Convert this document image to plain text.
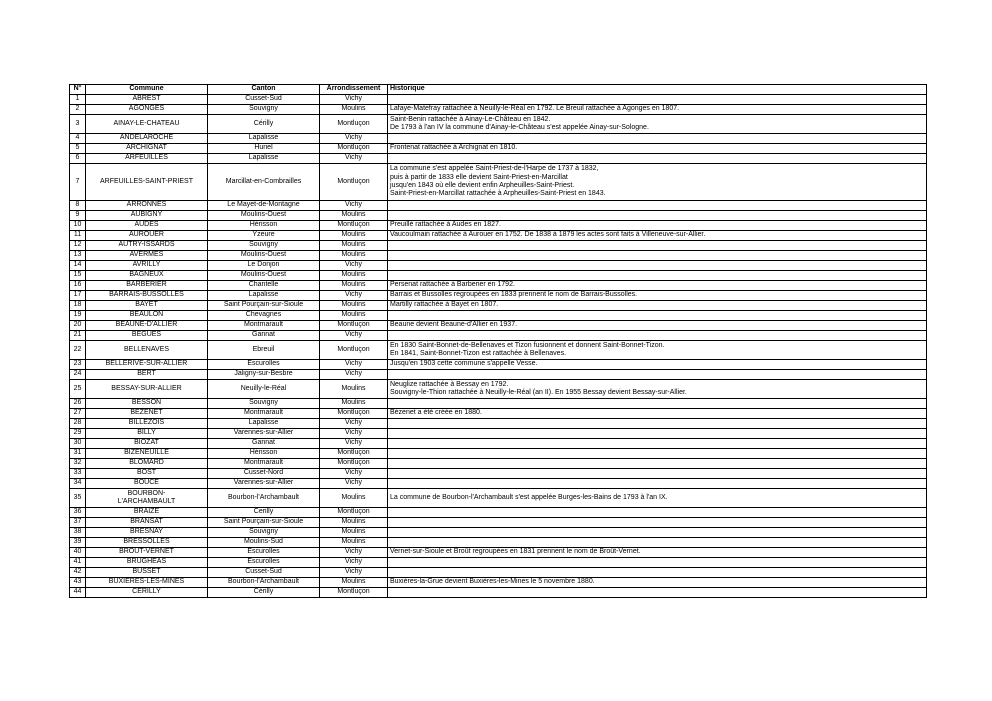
N°	Commune	Canton	Arrondissement	Historique
1	ABREST	Cusset-Sud	Vichy	
2	AGONGES	Souvigny	Moulins	Lafaye-Matefray rattachée à Neuilly-le-Réal en 1792. Le Breuil rattachée à Agonges en 1807.

3	AINAY-LE-CHATEAU	Cérilly	Montluçon	Saint-Benin rattachée à Ainay-Le-Château en 1842.
De 1793 à l'an IV la commune d'Ainay-le-Château s'est appelée Ainay-sur-Sologne.

4	ANDELAROCHE	Lapalisse	Vichy	
5	ARCHIGNAT	Huriel	Montluçon	Frontenat rattachée à Archignat en 1810.

6	ARFEUILLES	Lapalisse	Vichy	
7	ARFEUILLES-SAINT-PRIEST	Marcillat-en-Combrailles	Montluçon	La commune s'est appelée Saint-Priest-de-l'Harpe de 1737 à 1832,
puis à partir de 1833 elle devient Saint-Priest-en-Marcillat
jusqu'en 1843 où elle devient enfin Arpheuilles-Saint-Priest.
Saint-Priest-en-Marcillat rattachée à Arpheuilles-Saint-Priest en 1843.

8	ARRONNES	Le Mayet-de-Montagne	Vichy	
9	AUBIGNY	Moulins-Ouest	Moulins	
10	AUDES	Hérisson	Montluçon	Preuillé rattachée à Audes en 1827.

11	AUROUER	Yzeure	Moulins	Vaucoulmain rattachée à Aurouer en 1752. De 1838 à 1879 les actes sont faits à Villeneuve-sur-Allier.

12	AUTRY-ISSARDS	Souvigny	Moulins	
13	AVERMES	Moulins-Ouest	Moulins	
14	AVRILLY	Le Donjon	Vichy	
15	BAGNEUX	Moulins-Ouest	Moulins	
16	BARBERIER	Chantelle	Moulins	Persenat rattachée à Barberier en 1792.

17	BARRAIS-BUSSOLLES	Lapalisse	Vichy	Barrais et Bussolles regroupées en 1833 prennent le nom de Barrais-Bussolles.

18	BAYET	Saint Pourçain-sur-Sioule	Moulins	Martilly rattachée à Bayet en 1807.

19	BEAULON	Chevagnes	Moulins	
20	BEAUNE-D'ALLIER	Montmarault	Montluçon	Beaune devient Beaune-d'Allier en 1937.

21	BEGUES	Gannat	Vichy	
22	BELLENAVES	Ebreuil	Montluçon	En 1830 Saint-Bonnet-de-Bellenaves et Tizon fusionnent et donnent Saint-Bonnet-Tizon.
En 1841, Saint-Bonnet-Tizon est rattachée à Bellenaves.

23	BELLERIVE-SUR-ALLIER	Escurolles	Vichy	Jusqu'en 1903 cette commune s'appelle Vesse.

24	BERT	Jaligny-sur-Besbre	Vichy	
25	BESSAY-SUR-ALLIER	Neuilly-le-Réal	Moulins	Neuglize rattachée à Bessay en 1792.
Souvigny-le-Thion rattachée à Neuilly-le-Réal (an II). En 1955 Bessay devient Bessay-sur-Allier.

26	BESSON	Souvigny	Moulins	
27	BEZENET	Montmarault	Montluçon	Bézenet a été créée en 1880.

28	BILLEZOIS	Lapalisse	Vichy	
29	BILLY	Varennes-sur-Allier	Vichy	
30	BIOZAT	Gannat	Vichy	
31	BIZENEUILLE	Hérisson	Montluçon	
32	BLOMARD	Montmarault	Montluçon	
33	BOST	Cusset-Nord	Vichy	
34	BOUCE	Varennes-sur-Allier	Vichy	
35	BOURBON-
L'ARCHAMBAULT	Bourbon-l'Archambault	Moulins	La commune de Bourbon-l'Archambault s'est appelée Burges-les-Bains de 1793 à l'an IX.

36	BRAIZE	Cerilly	Montluçon	
37	BRANSAT	Saint Pourçain-sur-Sioule	Moulins	
38	BRESNAY	Souvigny	Moulins	
39	BRESSOLLES	Moulins-Sud	Moulins	
40	BROUT-VERNET	Escurolles	Vichy	Vernet-sur-Sioule et Broût regroupées en 1831 prennent le nom de Broût-Vernet.

41	BRUGHEAS	Escurolles	Vichy	
42	BUSSET	Cusset-Sud	Vichy	
43	BUXIERES-LES-MINES	Bourbon-l'Archambault	Moulins	Buxières-la-Grue devient Buxières-les-Mines le 5 novembre 1880.

44	CERILLY	Cérilly	Montluçon	
